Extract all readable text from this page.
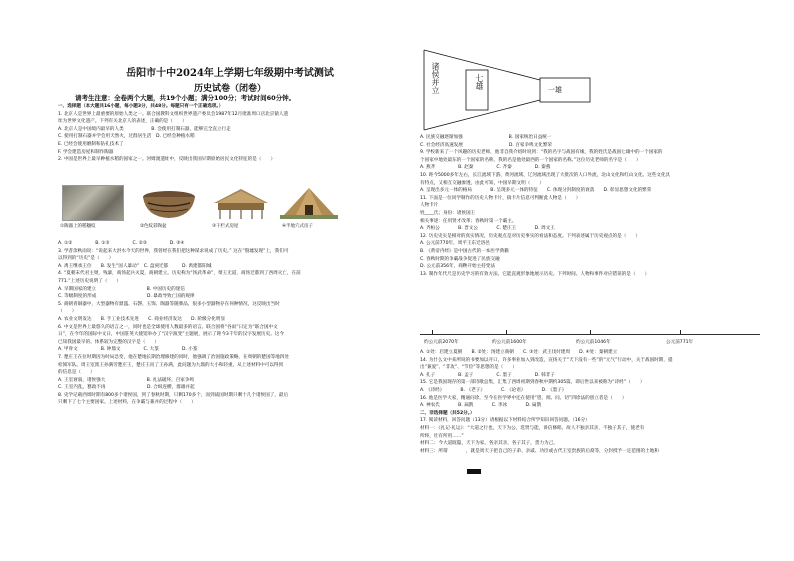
岳阳市十中2024年上学期七年级期中考试测试
历史试卷（闭卷）
请考生注意：全卷两个大题，共19个小题；满分100分；考试时间60分钟。
一、选择题（本大题共16小题，每小题3分，共48分。每题只有一个正确选项。）
1. 北京人是世界上最重要的原始人类之一。联合国教科文组织世界遗产委员会1987年12月批准周口店北京猿人遗
址为世界文化遗产。下列有关北京人的表述，正确的是（　　）
A. 北京人是中国境内最早的人类　　　　　　B. 会使用打制石器，能够完全直立行走
C. 使用打制石器并学会用天然火，过群居生活　D. 已经会种植水稻
E. 已经会使用磨制和钻孔技术了
F. 学会建造房屋和制作陶器
2. 中国是世界上最早种植水稻的国家之一。河姆渡遗址中，反映出我国早期原始居民文化特征的是（　　）
①陶器上的稻穗纹	②色纹彩陶盆	③干栏式房屋	④半地穴式房子
A. ①②　　　　　B. ①③　　　　　C. ②③　　　　　D. ③④
3. 学者余秋雨说：“说起来大洪水今天的世界，我曾经在我们把这种谋求说成了历史。” 这在“殷墟发现”上，我们可
以得到的“历史”是（　　）
A. 禹王继承王位　　B. 发生“国人暴动”　C. 盘庚迁都　　　D. 禹建都阳城
4. “夏朝末代君主桀，残暴，商汤起兵灭夏，商朝建立。历史称为“汤武革命”，桀王无道，商汤迁都到了西周灭亡，在前
771.”上述历史说明了（　　）
A. 早期国家的建立　　　　　　　　　　　B. 中国历史的迷信
C. 等级制度的形成　　　　　　　　　　　D. 暴政导致亡国的规律
5. 商朝青铜器中，大型器物有鼎簋、石磬、玉饰、陶器等随葬品，很多小型器物存在何种情况，这反映出当时
（　　）
A. 农业文明发达　　B. 手工业技术先进　　C. 商业经济发达　　D. 阶级分化明显
6. 中文是世界上最悠久的语言之一，同时也是全球使用人数最多的语言。联合国将“谷雨”日定为“联合国中文
日”，在今年的国际中文日，中国驻英大使馆举办了“汉字演变”主题展，展示了距今3千年的汉字发展历史。这今
已知我国最早的、体系较为完整的汉字是（　　）
A. 甲骨文　　　　　B. 钟鼎文　　　　　C. 大篆　　　　　D. 小篆
7. 楚庄王在位时期因为时局急变，他在楚地长期治理修建的同时，他强调了治国施政策略，在周朝的楚国等地四处
检阅军队。周王室派王孙满劳楚庄王，楚庄王问了王孙满，此问题为九鼎的大小和轻重。从上述材料中可以得到
的信息是（　　）
A. 王室衰弱，诸侯强大　　　　　　　　　B. 礼法破坏，百家争鸣
C. 王室内乱，篡政不再　　　　　　　　　D. 合纵连横，群雄并起
8. 史学记载西周时期有800多个诸侯国，到了春秋时期，只剩170多个，而到战国时期只剩十几个诸侯国了，最后
只剩下了七个主要国家。上述材料，在争霸与兼并的过程中（　　）
诸侯并立	七雄	一雄
A. 民族交融逐渐加强　　　　　　　　　　B. 国家统治日益统一
C. 社会经济高速发展　　　　　　　　　　D. 百家争鸣文化繁荣
9. 学校新来了一个风趣的历史老师，他非自我介绍时说到：“我的名字与战国有缘，我的姓氏是战国七雄中的一个国家的
个国家中地处最东的一个国家的名称，我的名是他处最西的一个国家的名称。”这位历史老师的名字是（　　）
A. 燕齐　　　　　B. 赵秦　　　　　C. 齐秦　　　　　D. 秦燕
10. 距今5000多年左右，长江流域下游、黄河流域、辽河流域出现了大批次的人口外流，北山文化和红山文化。这些文化具
有特点，又相互交融渗透，由此可知，中国早期文明（　　）
A. 呈现出多元一体的格局　　　　B. 呈现多元一体的特征　　C. 体现分封制度的衰落　　D. 彰显思想文化的繁荣
11. 下面是一位同学制作的历史人物卡片，揣卡片信息可判断此人物是（　　）
人物卡片
姓____氏；身份：诸侯国王
相关事迹：任用贤才改革；春秋时第一个霸主。
A. 齐桓公　　　　B. 晋文公　　　　C. 楚庄王　　　　D. 周文王
12. 历史史实是相对的真实情况，历史观点是对历史事实的看法和态度。下列表述属于历史观点的是（　　）
A. 公元前770年，周平王东迁洛邑
B. 《黄帝内经》是中国古代的一本医学典籍
C. 春秋时期的争霸战争促进了民族交融
D. 公元前356年，商鞅开始主持变法
13. 制作年代尺是历史学习的有效方法，它能直观形象地展示历史。下列时间、人物和事件对应错误的是（　　）
约公元前2070年	约公元前1600年	约公元前1046年	公元前771年
A. ①处：启建立夏朝　　B. ②处：汤建立商朝　　C. ③处：武王伐纣建周　　D. ④处：秦朝建立
14. 为什么文中来所说的书要加以开口，许多事业加入到改造，宣扬关于“天下没有一些”的“元气”行动中，关于战国时期，提
出“兼爱”、“非攻”、“节俭”等思想的是（　　）
A. 孔子　　　　　B. 孟子　　　　　C. 墨子　　　　　D. 韩非子
15. 它是我国现存的第一部诗歌总集，汇集了西周初期到春秋中期约305篇，即后世以来被称为“诗经”（　　）
A. 《诗经》　　　　B. 《老子》　　　　C. 《论语》　　　　D. 《墨子》
16. 他是医学大家，精通问诊，至今在医学界中还在使用“望、闻、问、切”四诊法的创立者是（　　）
A. 神农氏　　　　B. 扁鹊　　　　C. 李冰　　　　D. 扁鹊
二、非选择题（共52分。）
17. 阅读材料，回答问题（13分）请根据以下材料结合所学知识回答问题。（16分）
材料一：《礼记·礼运》：“大道之行也，天下为公，选贤与能，讲信修睦。故人不独亲其亲，不独子其子，使老有
所终，壮有所用……”
材料二：今大道既隐，天下为家，各亲其亲，各子其子，货力为己。
材料三：所谓　　　　，就是周天子把自己的子弟、亲戚、功臣或古代王室贵族的后裔等，分封授予一定范围的土地和
